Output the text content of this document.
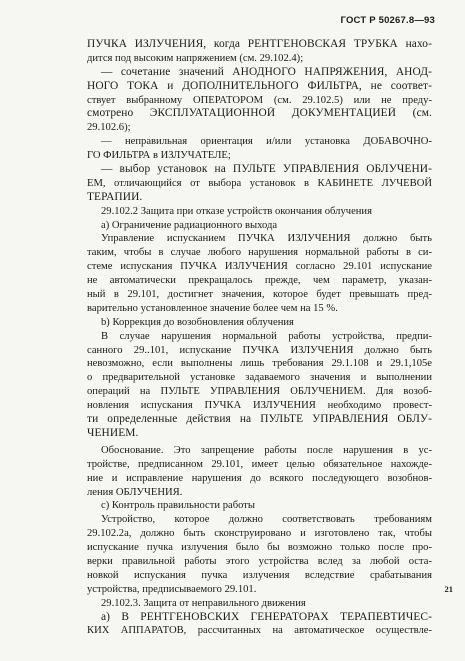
ГОСТ Р 50267.8—93
ПУЧКА ИЗЛУЧЕНИЯ, когда РЕНТГЕНОВСКАЯ ТРУБКА нахо-
дится под высоким напряжением (см. 29.102.4);
— сочетание значений АНОДНОГО НАПРЯЖЕНИЯ, АНОД-
НОГО ТОКА и ДОПОЛНИТЕЛЬНОГО ФИЛЬТРА, не соответ-
ствует выбранному ОПЕРАТОРОМ (см. 29.102.5) или не преду-
смотрено ЭКСПЛУАТАЦИОННОЙ ДОКУМЕНТАЦИЕЙ (см.
29.102.6);
— неправильная ориентация и/или установка ДОБАВОЧНО-
ГО ФИЛЬТРА в ИЗЛУЧАТЕЛЕ;
— выбор установок на ПУЛЬТЕ УПРАВЛЕНИЯ ОБЛУЧЕНИ-
ЕМ, отличающийся от выбора установок в КАБИНЕТЕ ЛУЧЕВОЙ
ТЕРАПИИ.
29.102.2 Защита при отказе устройств окончания облучения
а) Ограничение радиационного выхода
Управление испусканием ПУЧКА ИЗЛУЧЕНИЯ должно быть
таким, чтобы в случае любого нарушения нормальной работы в си-
стеме испускания ПУЧКА ИЗЛУЧЕНИЯ согласно 29.101 испускание
не автоматически прекращалось прежде, чем параметр, указан-
ный в 29.101, достигнет значения, которое будет превышать пред-
варительно установленное значение более чем на 15 %.
b) Коррекция до возобновления облучения
В случае нарушения нормальной работы устройства, предпи-
санного 29..101, испускание ПУЧКА ИЗЛУЧЕНИЯ должно быть
невозможно, если выполнены лишь требования 29.1.108 и 29.1,105е
о предварительной установке задаваемого значения и выполнении
операций на ПУЛЬТЕ УПРАВЛЕНИЯ ОБЛУЧЕНИЕМ. Для возоб-
новления испускания ПУЧКА ИЗЛУЧЕНИЯ необходимо провест-
ти определенные действия на ПУЛЬТЕ УПРАВЛЕНИЯ ОБЛУ-
ЧЕНИЕМ.
Обоснование. Это запрещение работы после нарушения в ус-
тройстве, предписанном 29.101, имеет целью обязательное нахожде-
ние и исправление нарушения до всякого последующего возобнов-
ления ОБЛУЧЕНИЯ.
с) Контроль правильности работы
Устройство, которое должно соответствовать требованиям
29.102.2а, должно быть сконструировано и изготовлено так, чтобы
испускание пучка излучения было бы возможно только после про-
верки правильной работы этого устройства вслед за любой оста-
новкой испускания пучка излучения вследствие срабатывания
устройства, предписываемого 29.101.
29.102.3. Защита от неправильного движения
а) В РЕНТГЕНОВСКИХ ГЕНЕРАТОРАХ ТЕРАПЕВТИЧЕС-
КИХ АППАРАТОВ, рассчитанных на автоматическое осуществле-
21
